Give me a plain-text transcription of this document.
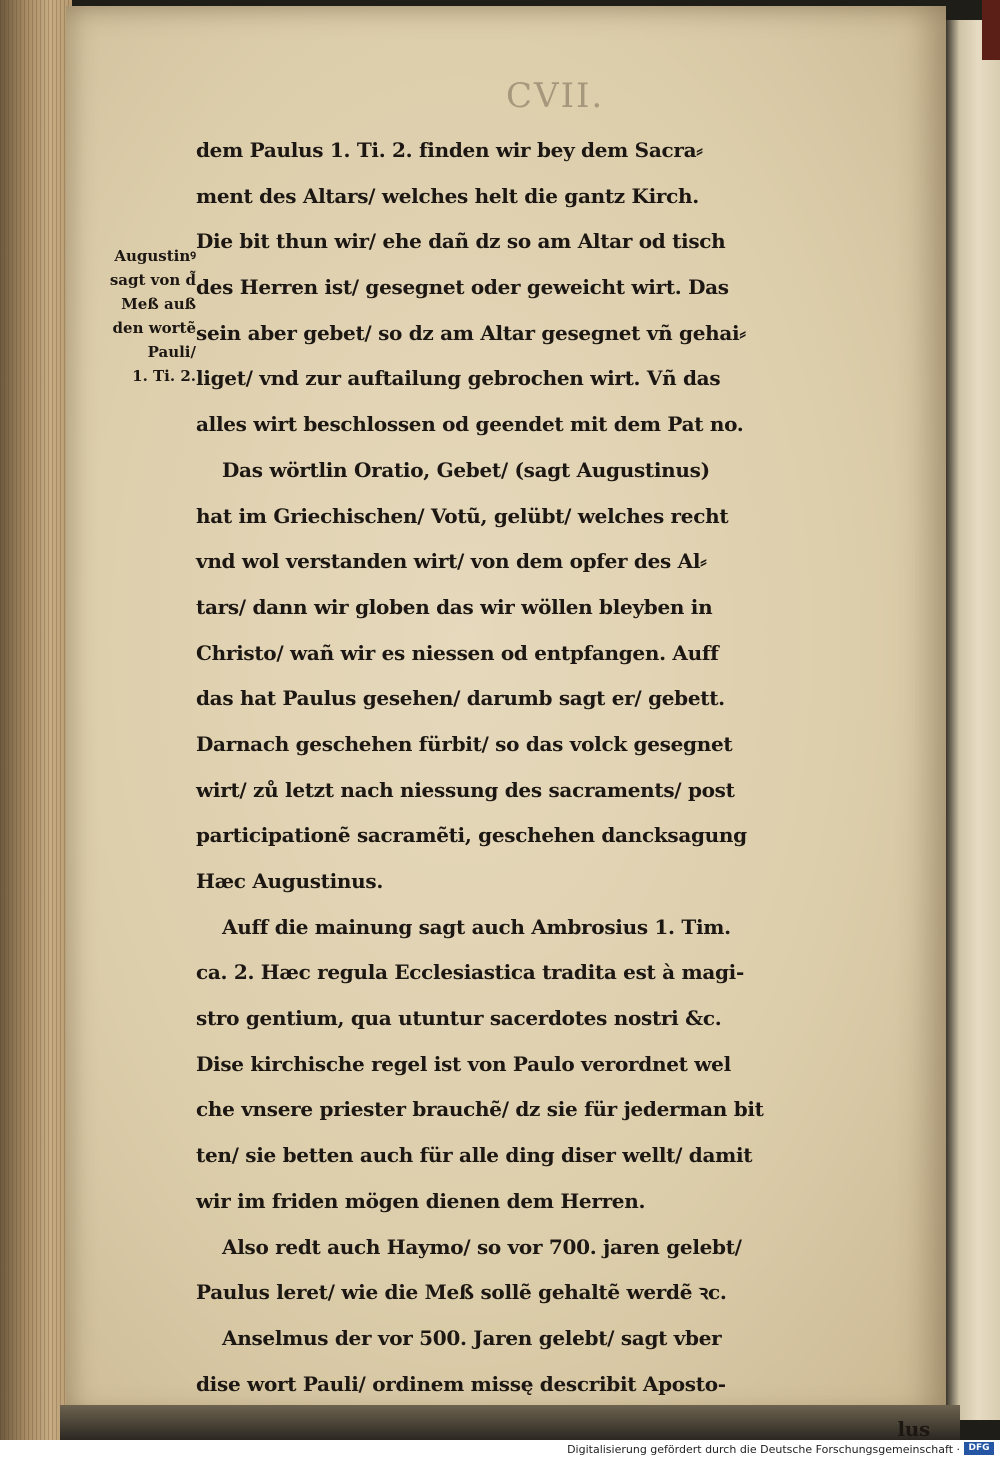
CVII.
Augustinꝰ
sagt von d̃
Meß auß
den wortẽ
Pauli/
1. Ti. 2.
dem Paulus 1. Ti. 2. finden wir bey dem Sacra⸗
ment des Altars/ welches helt die gantz Kirch.
Die bit thun wir/ ehe dañ dz so am Altar od tisch
des Herren ist/ gesegnet oder geweicht wirt. Das
sein aber gebet/ so dz am Altar gesegnet vñ gehai⸗
liget/ vnd zur auftailung gebrochen wirt. Vñ das
alles wirt beschlossen od geendet mit dem Pat no.
Das wörtlin Oratio, Gebet/ (sagt Augustinus)
hat im Griechischen/ Votũ, gelübt/ welches recht
vnd wol verstanden wirt/ von dem opfer des Al⸗
tars/ dann wir globen das wir wöllen bleyben in
Christo/ wañ wir es niessen od entpfangen. Auff
das hat Paulus gesehen/ darumb sagt er/ gebett.
Darnach geschehen fürbit/ so das volck gesegnet
wirt/ zů letzt nach niessung des sacraments/ post
participationẽ sacramẽti, geschehen dancksagung
Hæc Augustinus.
Auff die mainung sagt auch Ambrosius 1. Tim.
ca. 2. Hæc regula Ecclesiastica tradita est à magi-
stro gentium, qua utuntur sacerdotes nostri &c.
Dise kirchische regel ist von Paulo verordnet wel
che vnsere priester brauchẽ/ dz sie für jederman bit
ten/ sie betten auch für alle ding diser wellt/ damit
wir im friden mögen dienen dem Herren.
Also redt auch Haymo/ so vor 700. jaren gelebt/
Paulus leret/ wie die Meß sollẽ gehaltẽ werdẽ ꝛc.
Anselmus der vor 500. Jaren gelebt/ sagt vber
dise wort Pauli/ ordinem missę describit Aposto-
lus
Digitalisierung gefördert durch die Deutsche Forschungsgemeinschaft · DFG
